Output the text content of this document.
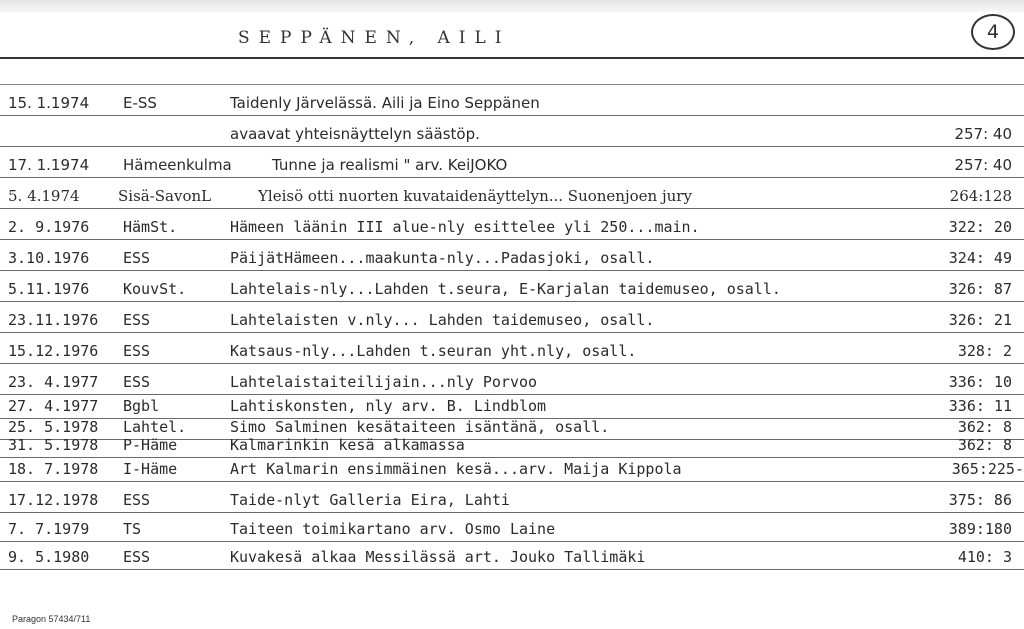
SEPPÄNEN, AILI	4
15. 1.1974 E-SS	Taidenly Järvelässä. Aili ja Eino Seppänen
avaavat yhteisnäyttelyn säästöp.	257: 40
17. 1.1974 Hämeenkulma	Tunne ja realismi " arv. KeiJOKO	257: 40
5. 4.1974	Sisä-SavonL	Yleisö otti nuorten kuvataidenäyttelyn... Suonenjoen jury	264:128
2. 9.1976 HämSt.	Hämeen läänin III alue-nly esittelee yli 250...main.	322: 20
3.10.1976 ESS	PäijätHämeen...maakunta-nly...Padasjoki, osall.	324: 49
5.11.1976 KouvSt.	Lahtelais-nly...Lahden t.seura, E-Karjalan taidemuseo, osall.	326: 87
23.11.1976 ESS	Lahtelaisten v.nly... Lahden taidemuseo, osall.	326: 21
15.12.1976 ESS	Katsaus-nly...Lahden t.seuran yht.nly, osall.	328: 2
23. 4.1977 ESS	Lahtelaistaiteilijain...nly Porvoo	336: 10
27. 4.1977 Bgbl	Lahtiskonsten, nly arv. B. Lindblom	336: 11
25. 5.1978 Lahtel.	Simo Salminen kesätaiteen isäntänä, osall.	362: 8
31. 5.1978 P-Häme	Kalmarinkin kesä alkamassa	362: 8
18. 7.1978 I-Häme	Art Kalmarin ensimmäinen kesä...arv. Maija Kippola	365:225-
17.12.1978 ESS	Taide-nlyt Galleria Eira, Lahti	375: 86
7. 7.1979 TS	Taiteen toimikartano arv. Osmo Laine	389:180
9. 5.1980 ESS	Kuvakesä alkaa Messilässä art. Jouko Tallimäki	410: 3
Paragon 57434/711
